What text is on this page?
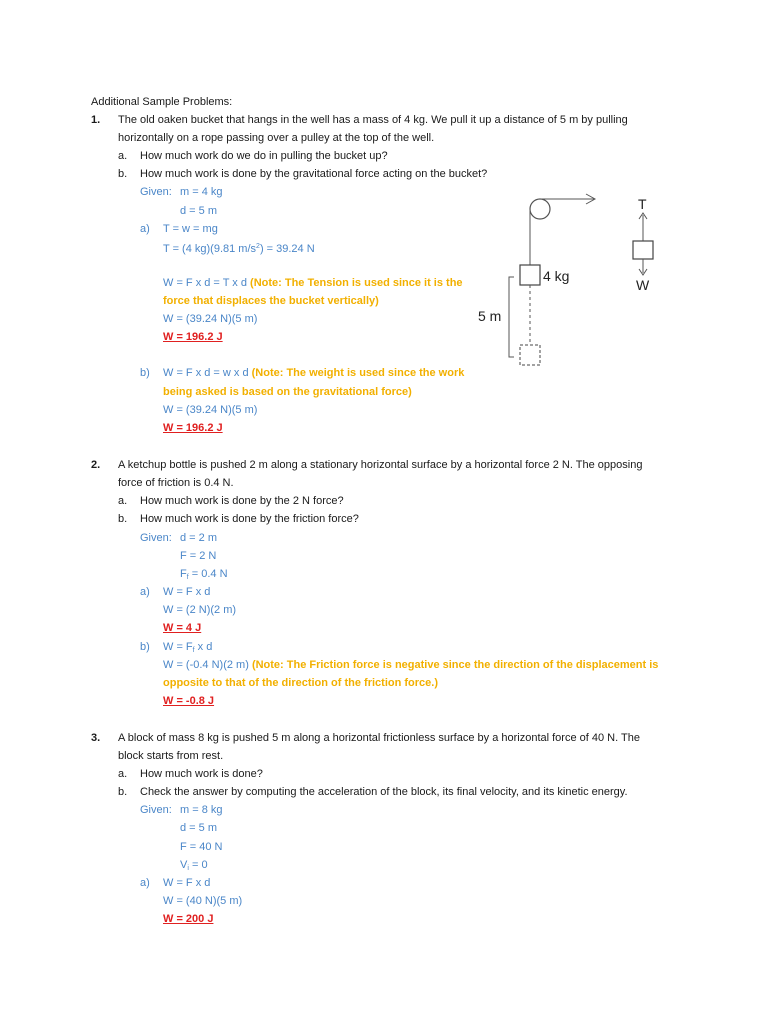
Additional Sample Problems:
1. The old oaken bucket that hangs in the well has a mass of 4 kg. We pull it up a distance of 5 m by pulling
horizontally on a rope passing over a pulley at the top of the well.
a. How much work do we do in pulling the bucket up?
b. How much work is done by the gravitational force acting on the bucket?
Given: m = 4 kg
d = 5 m
a) T = w = mg
T = (4 kg)(9.81 $m/s^2) = 39.24$ N
W = F x d = T x d (Note: The Tension is used since it is the
force that displaces the bucket vertically)
W = (39.24 N)(5 m)
W = 196.2 J
b) W = F x d = w x d (Note: The weight is used since the work
being asked is based on the gravitational force)
W = (39.24 N)(5 m)
W = 196.2 J
4 kg
5 m
T
W
2. A ketchup bottle is pushed 2 m along a stationary horizontal surface by a horizontal force 2 N. The opposing
force of friction is 0.4 N.
a. How much work is done by the 2 N force?
b. How much work is done by the friction force?
Given: d = 2 m
F = 2 N
$F_f = 0.4$ N
a) W = F x d
W = (2 N)(2 m)
W = 4 J
b) $W = F_f$ x d
W = (-0.4 N)(2 m) (Note: The Friction force is negative since the direction of the displacement is
opposite to that of the direction of the friction force.)
W = -0.8 J
3. A block of mass 8 kg is pushed 5 m along a horizontal frictionless surface by a horizontal force of 40 N. The
block starts from rest.
a. How much work is done?
b. Check the answer by computing the acceleration of the block, its final velocity, and its kinetic energy.
Given: m = 8 kg
d = 5 m
F = 40 N
$V_i = 0$
a) W = F x d
W = (40 N)(5 m)
W = 200 J
